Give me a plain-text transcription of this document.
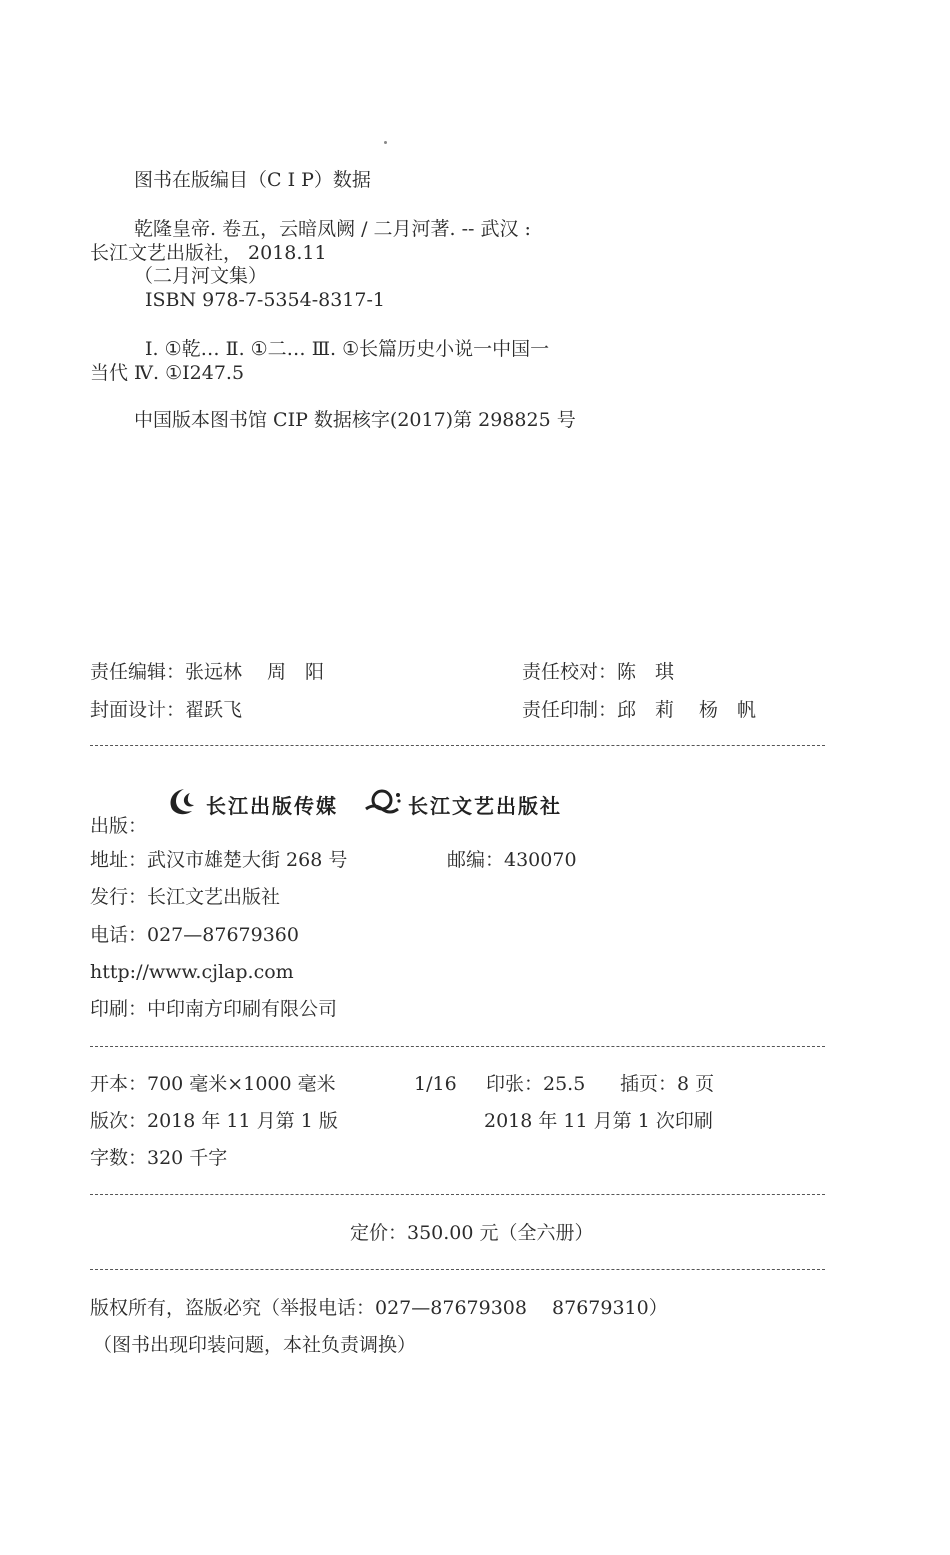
图书在版编目（C I P）数据
乾隆皇帝. 卷五，云暗凤阙 / 二月河著. -- 武汉 :
长江文艺出版社， 2018.11
（二月河文集）
ISBN 978-7-5354-8317-1
Ⅰ. ①乾… Ⅱ. ①二… Ⅲ. ①长篇历史小说一中国一
当代 Ⅳ. ①I247.5
中国版本图书馆 CIP 数据核字(2017)第 298825 号
责任编辑：张远林　 周　阳	责任校对：陈　琪
封面设计：翟跃飞	责任印制：邱　莉　 杨　帆
长江出版传媒	长江文艺出版社
出版：
地址：武汉市雄楚大街 268 号	邮编：430070
发行：长江文艺出版社
电话：027—87679360
http://www.cjlap.com
印刷：中印南方印刷有限公司
开本：700 毫米×1000 毫米	1/16 印张：25.5 插页：8 页
版次：2018 年 11 月第 1 版	2018 年 11 月第 1 次印刷
字数：320 千字
定价：350.00 元（全六册）
版权所有，盗版必究（举报电话：027—87679308　 87679310）
（图书出现印装问题，本社负责调换）
